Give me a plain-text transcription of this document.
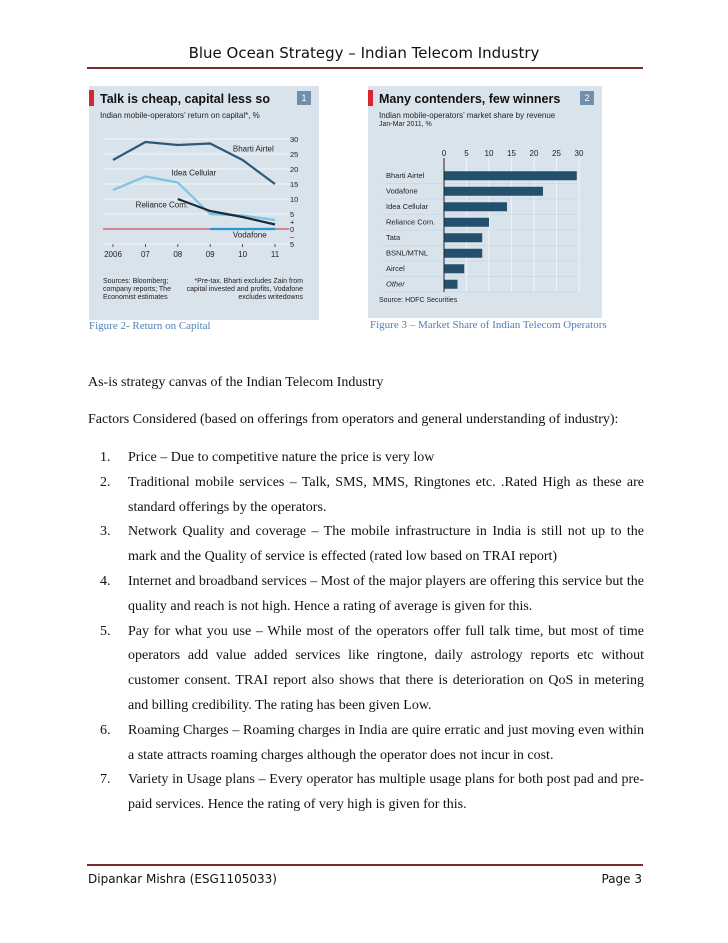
Blue Ocean Strategy – Indian Telecom Industry
Talk is cheap, capital less so	1
Indian mobile-operators’ return on capital*, %
30
25
20
15
10
5
+
0
–
5
2006 07	08	09	10	11
Bharti Airtel
Idea Cellular
Reliance Com.
Vodafone
Sources: Bloomberg; company reports; The Economist estimates
*Pre-tax. Bharti excludes Zain from capital invested and profits, Vodafone excludes writedowns
Many contenders, few winners	2
Indian mobile-operators’ market share by revenue
Jan-Mar 2011, %
0 5 10 15 20 25 30
Bharti Airtel
Vodafone
Idea Cellular
Reliance Com.
Tata
BSNL/MTNL
Aircel
Other
Source: HDFC Securities
Figure 2- Return on Capital	Figure 3 – Market Share of Indian Telecom Operators
As-is strategy canvas of the Indian Telecom Industry
Factors Considered (based on offerings from operators and general understanding of industry):
1. Price – Due to competitive nature the price is very low
2. Traditional mobile services – Talk, SMS, MMS, Ringtones etc. .Rated High as these are standard offerings by the operators.
3. Network Quality and coverage – The mobile infrastructure in India is still not up to the mark and the Quality of service is effected (rated low based on TRAI report)
4. Internet and broadband services – Most of the major players are offering this service but the quality and reach is not high. Hence a rating of average is given for this.
5. Pay for what you use – While most of the operators offer full talk time, but most of time operators add value added services like ringtone, daily astrology reports etc without customer consent. TRAI report also shows that there is deterioration on QoS in metering and billing credibility. The rating has been given Low.
6. Roaming Charges – Roaming charges in India are quire erratic and just moving even within a state attracts roaming charges although the operator does not incur in cost.
7. Variety in Usage plans – Every operator has multiple usage plans for both post pad and pre-paid services. Hence the rating of very high is given for this.
Dipankar Mishra (ESG1105033)	Page 3
